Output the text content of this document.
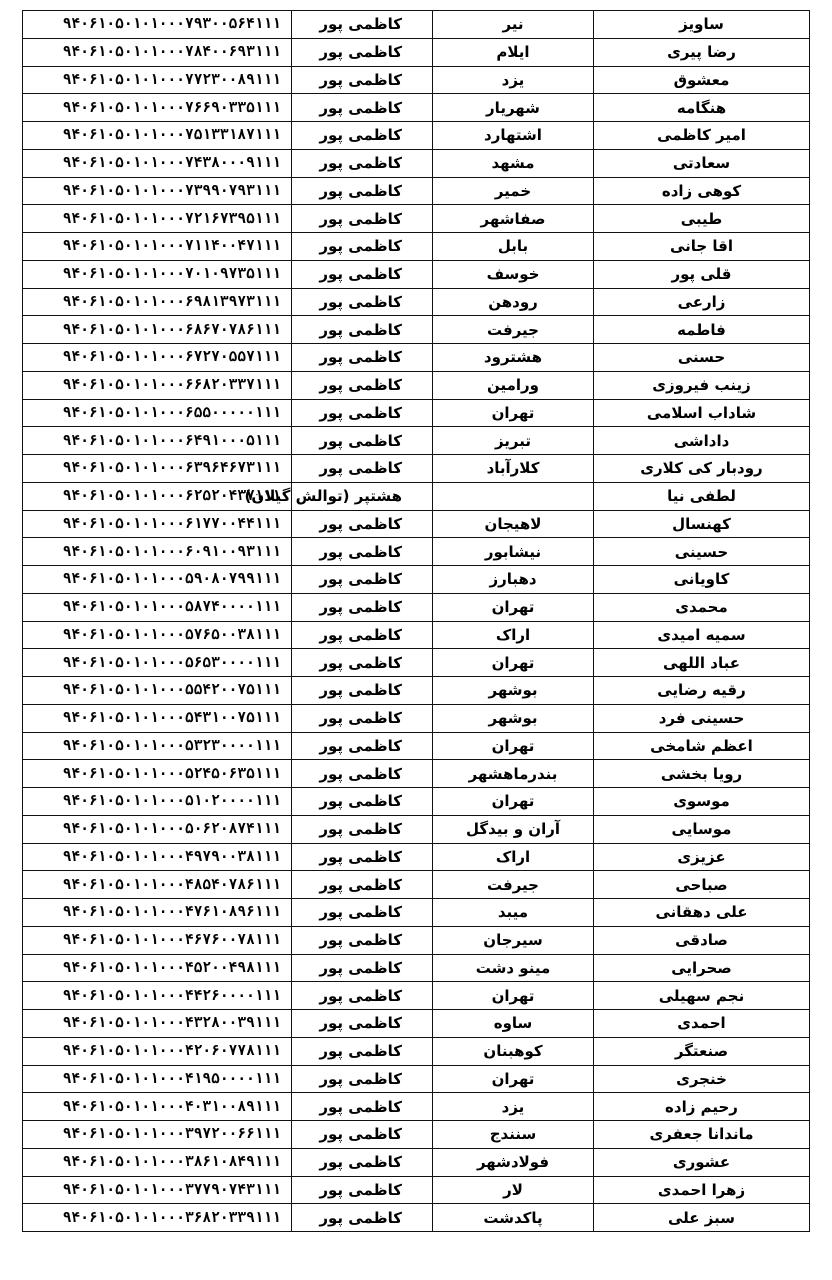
ساویز	نیر	کاظمی پور	۹۴۰۶۱۰۵۰۱۰۱۰۰۰۷۹۳۰۰۵۶۴۱۱۱
رضا پیری	ایلام	کاظمی پور	۹۴۰۶۱۰۵۰۱۰۱۰۰۰۷۸۴۰۰۶۹۳۱۱۱
معشوق	یزد	کاظمی پور	۹۴۰۶۱۰۵۰۱۰۱۰۰۰۷۷۲۳۰۰۸۹۱۱۱
هنگامه	شهریار	کاظمی پور	۹۴۰۶۱۰۵۰۱۰۱۰۰۰۷۶۶۹۰۳۳۵۱۱۱
امیر کاظمی	اشتهارد	کاظمی پور	۹۴۰۶۱۰۵۰۱۰۱۰۰۰۷۵۱۳۳۱۸۷۱۱۱
سعادتی	مشهد	کاظمی پور	۹۴۰۶۱۰۵۰۱۰۱۰۰۰۷۴۳۸۰۰۰۹۱۱۱
کوهی زاده	خمیر	کاظمی پور	۹۴۰۶۱۰۵۰۱۰۱۰۰۰۷۳۹۹۰۷۹۳۱۱۱
طیبی	صفاشهر	کاظمی پور	۹۴۰۶۱۰۵۰۱۰۱۰۰۰۷۲۱۶۷۳۹۵۱۱۱
اقا جانی	بابل	کاظمی پور	۹۴۰۶۱۰۵۰۱۰۱۰۰۰۷۱۱۴۰۰۴۷۱۱۱
قلی پور	خوسف	کاظمی پور	۹۴۰۶۱۰۵۰۱۰۱۰۰۰۷۰۱۰۹۷۳۵۱۱۱
زارعی	رودهن	کاظمی پور	۹۴۰۶۱۰۵۰۱۰۱۰۰۰۶۹۸۱۳۹۷۳۱۱۱
فاطمه	جیرفت	کاظمی پور	۹۴۰۶۱۰۵۰۱۰۱۰۰۰۶۸۶۷۰۷۸۶۱۱۱
حسنی	هشترود	کاظمی پور	۹۴۰۶۱۰۵۰۱۰۱۰۰۰۶۷۲۷۰۵۵۷۱۱۱
زینب فیروزی	ورامین	کاظمی پور	۹۴۰۶۱۰۵۰۱۰۱۰۰۰۶۶۸۲۰۳۳۷۱۱۱
شاداب اسلامی	تهران	کاظمی پور	۹۴۰۶۱۰۵۰۱۰۱۰۰۰۶۵۵۰۰۰۰۰۱۱۱
داداشی	تبریز	کاظمی پور	۹۴۰۶۱۰۵۰۱۰۱۰۰۰۶۴۹۱۰۰۰۵۱۱۱
رودبار کی کلاری	کلارآباد	کاظمی پور	۹۴۰۶۱۰۵۰۱۰۱۰۰۰۶۳۹۶۴۶۷۳۱۱۱
لطفی نیا		هشتپر (توالش گیلان)	۹۴۰۶۱۰۵۰۱۰۱۰۰۰۶۲۵۲۰۴۳۷۱۱۱
کهنسال	لاهیجان	کاظمی پور	۹۴۰۶۱۰۵۰۱۰۱۰۰۰۶۱۷۷۰۰۴۴۱۱۱
حسینی	نیشابور	کاظمی پور	۹۴۰۶۱۰۵۰۱۰۱۰۰۰۶۰۹۱۰۰۹۳۱۱۱
کاویانی	دهبارز	کاظمی پور	۹۴۰۶۱۰۵۰۱۰۱۰۰۰۵۹۰۸۰۷۹۹۱۱۱
محمدی	تهران	کاظمی پور	۹۴۰۶۱۰۵۰۱۰۱۰۰۰۵۸۷۴۰۰۰۰۱۱۱
سمیه امیدی	اراک	کاظمی پور	۹۴۰۶۱۰۵۰۱۰۱۰۰۰۵۷۶۵۰۰۳۸۱۱۱
عباد اللهی	تهران	کاظمی پور	۹۴۰۶۱۰۵۰۱۰۱۰۰۰۵۶۵۳۰۰۰۰۱۱۱
رقیه رضایی	بوشهر	کاظمی پور	۹۴۰۶۱۰۵۰۱۰۱۰۰۰۵۵۴۲۰۰۷۵۱۱۱
حسینی فرد	بوشهر	کاظمی پور	۹۴۰۶۱۰۵۰۱۰۱۰۰۰۵۴۳۱۰۰۷۵۱۱۱
اعظم شامخی	تهران	کاظمی پور	۹۴۰۶۱۰۵۰۱۰۱۰۰۰۵۳۲۳۰۰۰۰۱۱۱
رویا بخشی	بندرماهشهر	کاظمی پور	۹۴۰۶۱۰۵۰۱۰۱۰۰۰۵۲۴۵۰۶۳۵۱۱۱
موسوی	تهران	کاظمی پور	۹۴۰۶۱۰۵۰۱۰۱۰۰۰۵۱۰۲۰۰۰۰۱۱۱
موسایی	آران و بیدگل	کاظمی پور	۹۴۰۶۱۰۵۰۱۰۱۰۰۰۵۰۶۲۰۸۷۴۱۱۱
عزیزی	اراک	کاظمی پور	۹۴۰۶۱۰۵۰۱۰۱۰۰۰۴۹۷۹۰۰۳۸۱۱۱
صباحی	جیرفت	کاظمی پور	۹۴۰۶۱۰۵۰۱۰۱۰۰۰۴۸۵۴۰۷۸۶۱۱۱
علی دهقانی	میبد	کاظمی پور	۹۴۰۶۱۰۵۰۱۰۱۰۰۰۴۷۶۱۰۸۹۶۱۱۱
صادقی	سیرجان	کاظمی پور	۹۴۰۶۱۰۵۰۱۰۱۰۰۰۴۶۷۶۰۰۷۸۱۱۱
صحرایی	مینو دشت	کاظمی پور	۹۴۰۶۱۰۵۰۱۰۱۰۰۰۴۵۲۰۰۴۹۸۱۱۱
نجم سهیلی	تهران	کاظمی پور	۹۴۰۶۱۰۵۰۱۰۱۰۰۰۴۴۲۶۰۰۰۰۱۱۱
احمدی	ساوه	کاظمی پور	۹۴۰۶۱۰۵۰۱۰۱۰۰۰۴۳۲۸۰۰۳۹۱۱۱
صنعتگر	کوهبنان	کاظمی پور	۹۴۰۶۱۰۵۰۱۰۱۰۰۰۴۲۰۶۰۷۷۸۱۱۱
خنجری	تهران	کاظمی پور	۹۴۰۶۱۰۵۰۱۰۱۰۰۰۴۱۹۵۰۰۰۰۱۱۱
رحیم زاده	یزد	کاظمی پور	۹۴۰۶۱۰۵۰۱۰۱۰۰۰۴۰۳۱۰۰۸۹۱۱۱
ماندانا جعفری	سنندج	کاظمی پور	۹۴۰۶۱۰۵۰۱۰۱۰۰۰۳۹۷۲۰۰۶۶۱۱۱
عشوری	فولادشهر	کاظمی پور	۹۴۰۶۱۰۵۰۱۰۱۰۰۰۳۸۶۱۰۸۴۹۱۱۱
زهرا احمدی	لار	کاظمی پور	۹۴۰۶۱۰۵۰۱۰۱۰۰۰۳۷۷۹۰۷۴۳۱۱۱
سبز علی	پاکدشت	کاظمی پور	۹۴۰۶۱۰۵۰۱۰۱۰۰۰۳۶۸۲۰۳۳۹۱۱۱
